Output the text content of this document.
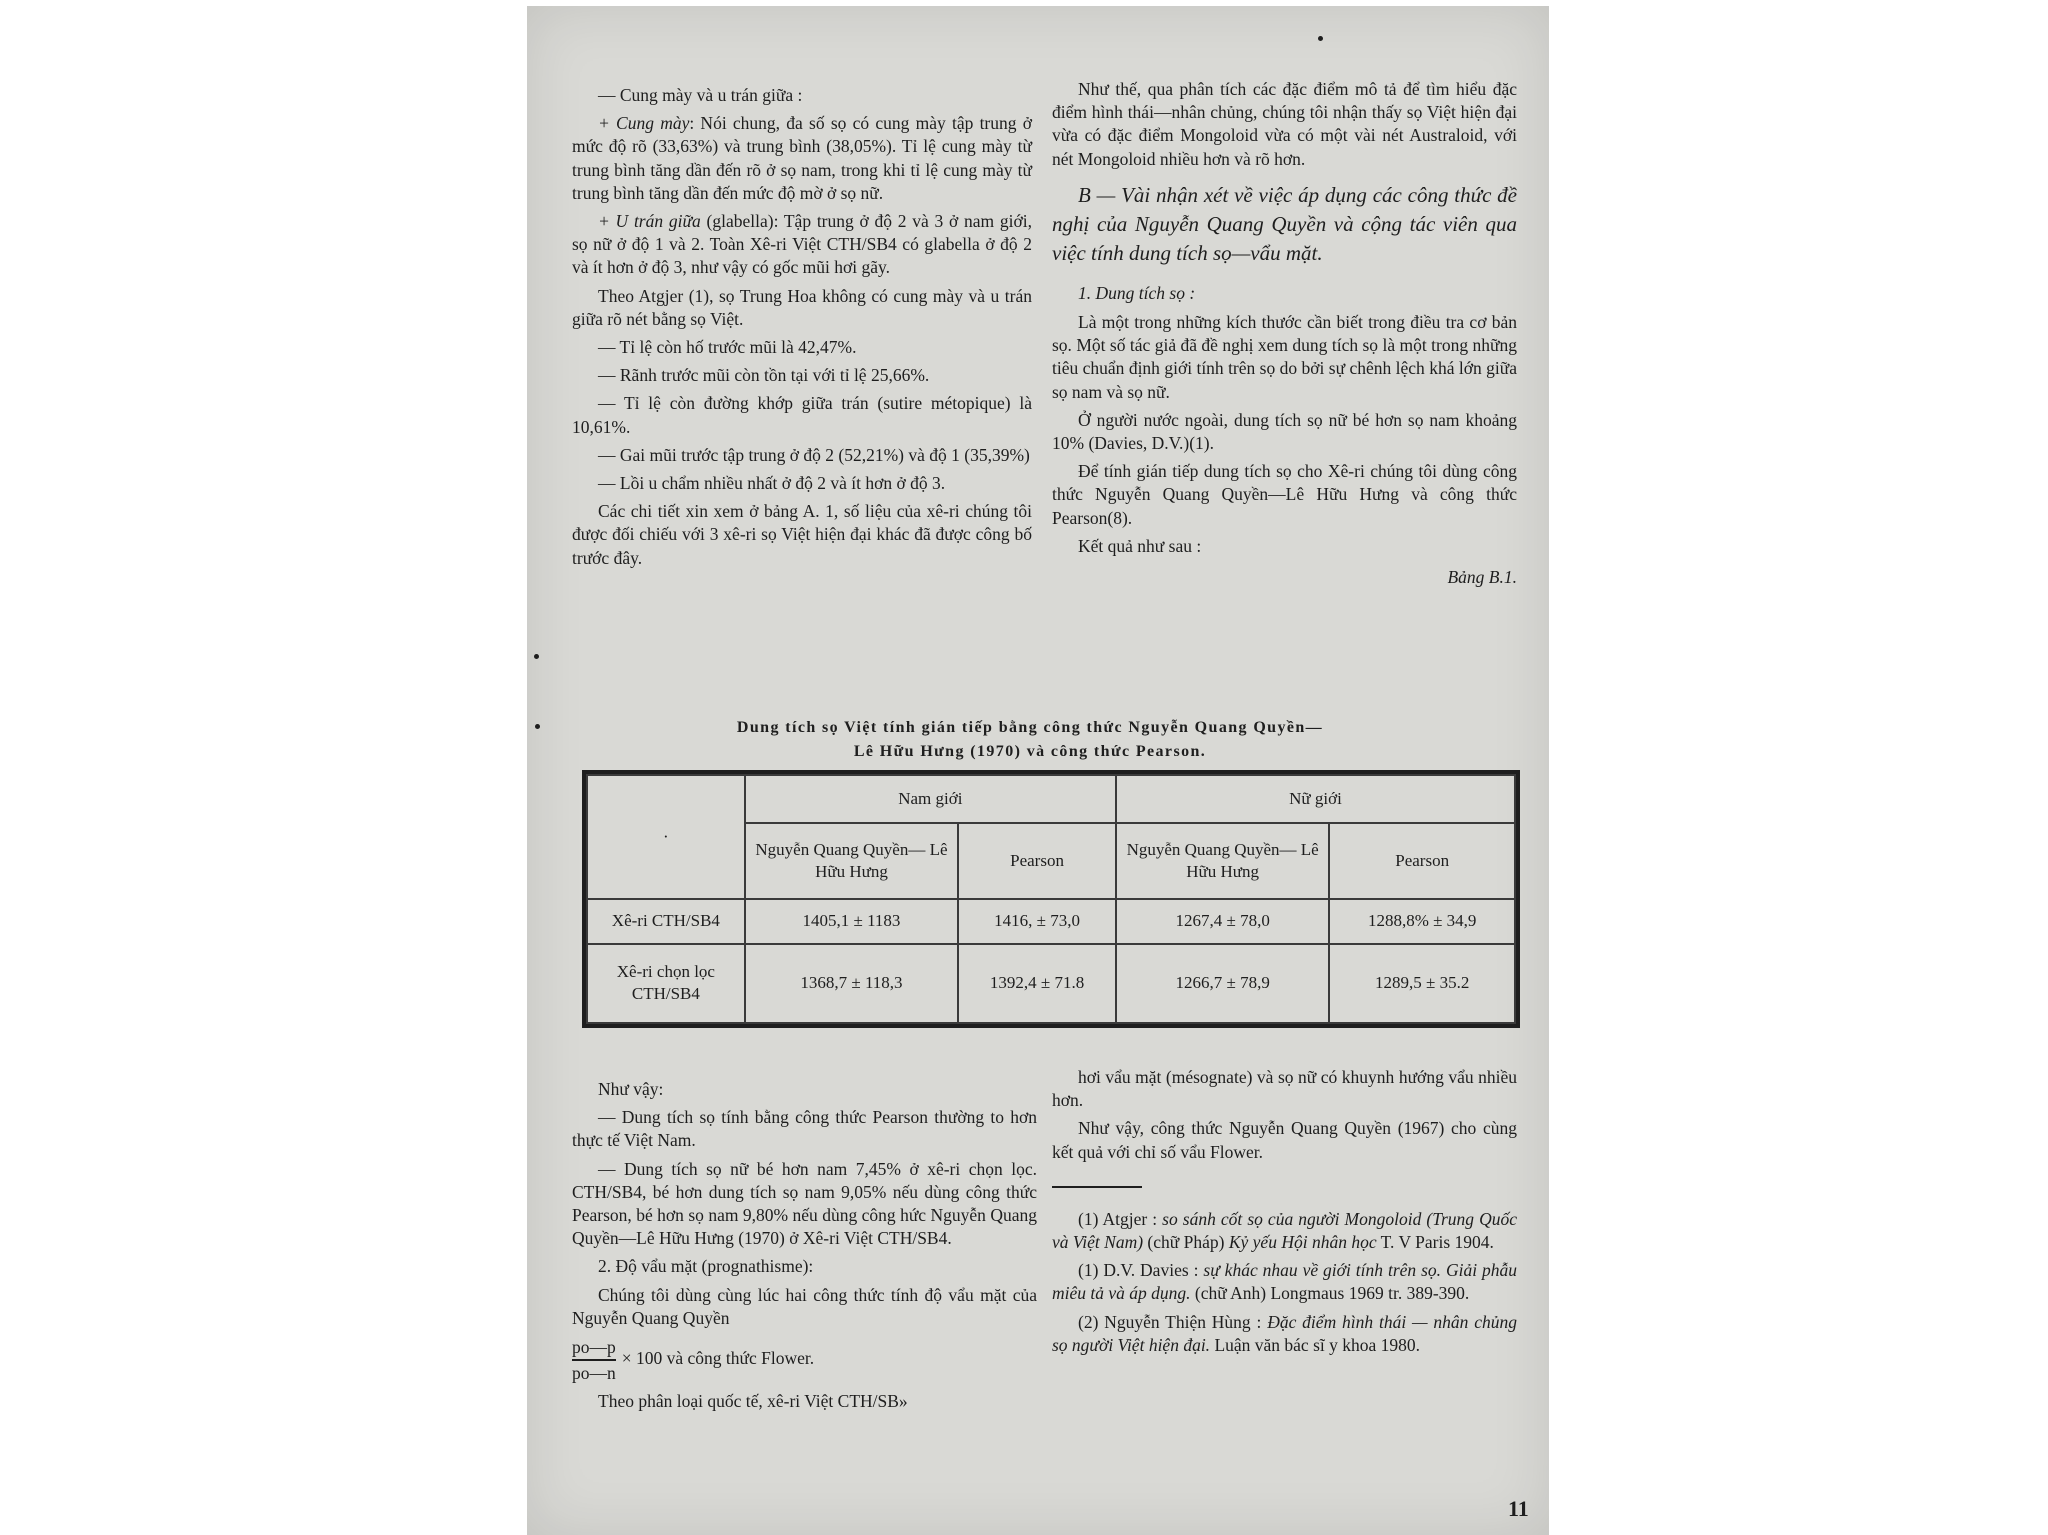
— Cung mày và u trán giữa :

+ Cung mày: Nói chung, đa số sọ có cung mày tập trung ở mức độ rõ (33,63%) và trung bình (38,05%). Tỉ lệ cung mày từ trung bình tăng dần đến rõ ở sọ nam, trong khi tỉ lệ cung mày từ trung bình tăng dần đến mức độ mờ ở sọ nữ.

+ U trán giữa (glabella): Tập trung ở độ 2 và 3 ở nam giới, sọ nữ ở độ 1 và 2. Toàn Xê-ri Việt CTH/SB4 có glabella ở độ 2 và ít hơn ở độ 3, như vậy có gốc mũi hơi gãy.

Theo Atgjer (1), sọ Trung Hoa không có cung mày và u trán giữa rõ nét bằng sọ Việt.

— Tỉ lệ còn hố trước mũi là 42,47%.

— Rãnh trước mũi còn tồn tại với tỉ lệ 25,66%.

— Tỉ lệ còn đường khớp giữa trán (sutire métopique) là 10,61%.

— Gai mũi trước tập trung ở độ 2 (52,21%) và độ 1 (35,39%)

— Lồi u chẩm nhiều nhất ở độ 2 và ít hơn ở độ 3.

Các chi tiết xin xem ở bảng A. 1, số liệu của xê-ri chúng tôi được đối chiếu với 3 xê-ri sọ Việt hiện đại khác đã được công bố trước đây.

Như thế, qua phân tích các đặc điểm mô tả để tìm hiểu đặc điểm hình thái—nhân chủng, chúng tôi nhận thấy sọ Việt hiện đại vừa có đặc điểm Mongoloid vừa có một vài nét Australoid, với nét Mongoloid nhiều hơn và rõ hơn.

B — Vài nhận xét về việc áp dụng các công thức đề nghị của Nguyễn Quang Quyền và cộng tác viên qua việc tính dung tích sọ—vẩu mặt.

1. Dung tích sọ :

Là một trong những kích thước cần biết trong điều tra cơ bản sọ. Một số tác giả đã đề nghị xem dung tích sọ là một trong những tiêu chuẩn định giới tính trên sọ do bởi sự chênh lệch khá lớn giữa sọ nam và sọ nữ.

Ở người nước ngoài, dung tích sọ nữ bé hơn sọ nam khoảng 10% (Davies, D.V.)(1).

Để tính gián tiếp dung tích sọ cho Xê-ri chúng tôi dùng công thức Nguyễn Quang Quyền—Lê Hữu Hưng và công thức Pearson(8).

Kết quả như sau :

Bảng B.1.
Dung tích sọ Việt tính gián tiếp bằng công thức Nguyễn Quang Quyền—
Lê Hữu Hưng (1970) và công thức Pearson.
·	Nam giới		Nữ giới	
	Nguyễn Quang Quyền— Lê Hữu Hưng	Pearson	Nguyễn Quang Quyền— Lê Hữu Hưng	Pearson
Xê-ri CTH/SB4	1405,1 ± 1183	1416, ± 73,0	1267,4 ± 78,0	1288,8% ± 34,9
Xê-ri chọn lọc CTH/SB4	1368,7 ± 118,3	1392,4 ± 71.8	1266,7 ± 78,9	1289,5 ± 35.2

Như vậy:

— Dung tích sọ tính bằng công thức Pearson thường to hơn thực tế Việt Nam.

— Dung tích sọ nữ bé hơn nam 7,45% ở xê-ri chọn lọc. CTH/SB4, bé hơn dung tích sọ nam 9,05% nếu dùng công thức Pearson, bé hơn sọ nam 9,80% nếu dùng công hức Nguyễn Quang Quyền—Lê Hữu Hưng (1970) ở Xê-ri Việt CTH/SB4.

2. Độ vẩu mặt (prognathisme):

Chúng tôi dùng cùng lúc hai công thức tính độ vẩu mặt của Nguyễn Quang Quyền

$\frac{po—p}{po—n} \times 100$ và công thức Flower.

Theo phân loại quốc tế, xê-ri Việt CTH/SB»

hơi vẩu mặt (mésognate) và sọ nữ có khuynh hướng vẩu nhiều hơn.

Như vậy, công thức Nguyễn Quang Quyền (1967) cho cùng kết quả với chỉ số vẩu Flower.

(1) Atgjer : so sánh cốt sọ của người Mongoloid (Trung Quốc và Việt Nam) (chữ Pháp) Kỷ yếu Hội nhân học T. V Paris 1904.

(1) D.V. Davies : sự khác nhau về giới tính trên sọ. Giải phẫu miêu tả và áp dụng. (chữ Anh) Longmaus 1969 tr. 389-390.

(2) Nguyễn Thiện Hùng : Đặc điểm hình thái — nhân chủng sọ người Việt hiện đại. Luận văn bác sĩ y khoa 1980.

11
